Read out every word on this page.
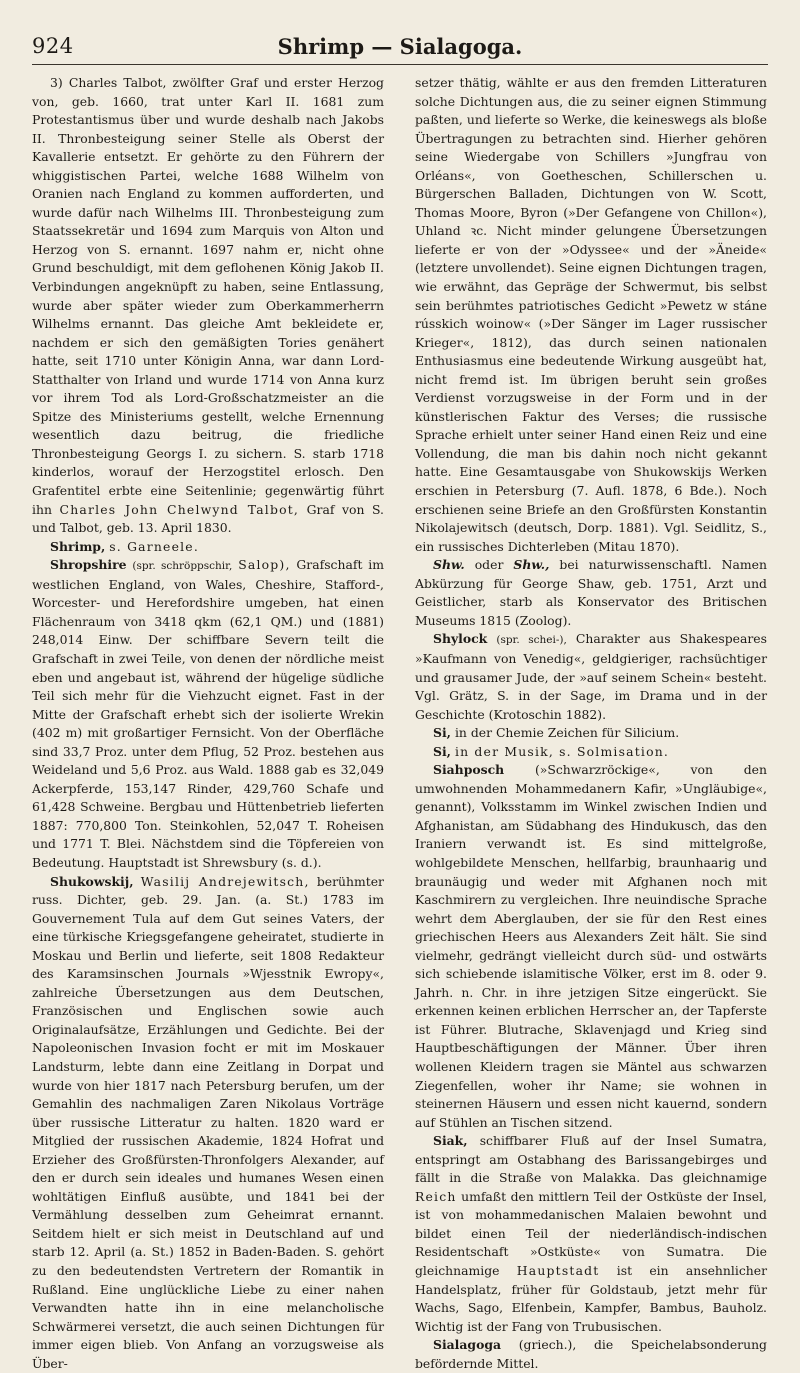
924	Shrimp — Sialagoga.

3) Charles Talbot, zwölfter Graf und erster Herzog von, geb. 1660, trat unter Karl II. 1681 zum Protestantismus über und wurde deshalb nach Jakobs II. Thronbesteigung seiner Stelle als Oberst der Kavallerie entsetzt. Er gehörte zu den Führern der whiggistischen Partei, welche 1688 Wilhelm von Oranien nach England zu kommen aufforderten, und wurde dafür nach Wilhelms III. Thronbesteigung zum Staatssekretär und 1694 zum Marquis von Alton und Herzog von S. ernannt. 1697 nahm er, nicht ohne Grund beschuldigt, mit dem geflohenen König Jakob II. Verbindungen angeknüpft zu haben, seine Entlassung, wurde aber später wieder zum Oberkammerherrn Wilhelms ernannt. Das gleiche Amt bekleidete er, nachdem er sich den gemäßigten Tories genähert hatte, seit 1710 unter Königin Anna, war dann Lord-Statthalter von Irland und wurde 1714 von Anna kurz vor ihrem Tod als Lord-Großschatzmeister an die Spitze des Ministeriums gestellt, welche Ernennung wesentlich dazu beitrug, die friedliche Thronbesteigung Georgs I. zu sichern. S. starb 1718 kinderlos, worauf der Herzogstitel erlosch. Den Grafentitel erbte eine Seitenlinie; gegenwärtig führt ihn Charles John Chelwynd Talbot, Graf von S. und Talbot, geb. 13. April 1830.

Shrimp, s. Garneele.

Shropshire (spr. schröppschir, Salop), Grafschaft im westlichen England, von Wales, Cheshire, Stafford-, Worcester- und Herefordshire umgeben, hat einen Flächenraum von 3418 qkm (62,1 QM.) und (1881) 248,014 Einw. Der schiffbare Severn teilt die Grafschaft in zwei Teile, von denen der nördliche meist eben und angebaut ist, während der hügelige südliche Teil sich mehr für die Viehzucht eignet. Fast in der Mitte der Grafschaft erhebt sich der isolierte Wrekin (402 m) mit großartiger Fernsicht. Von der Oberfläche sind 33,7 Proz. unter dem Pflug, 52 Proz. bestehen aus Weideland und 5,6 Proz. aus Wald. 1888 gab es 32,049 Ackerpferde, 153,147 Rinder, 429,760 Schafe und 61,428 Schweine. Bergbau und Hüttenbetrieb lieferten 1887: 770,800 Ton. Steinkohlen, 52,047 T. Roheisen und 1771 T. Blei. Nächstdem sind die Töpfereien von Bedeutung. Hauptstadt ist Shrewsbury (s. d.).

Shukowskij, Wasilij Andrejewitsch, berühmter russ. Dichter, geb. 29. Jan. (a. St.) 1783 im Gouvernement Tula auf dem Gut seines Vaters, der eine türkische Kriegsgefangene geheiratet, studierte in Moskau und Berlin und lieferte, seit 1808 Redakteur des Karamsinschen Journals »Wjesstnik Ewropy«, zahlreiche Übersetzungen aus dem Deutschen, Französischen und Englischen sowie auch Originalaufsätze, Erzählungen und Gedichte. Bei der Napoleonischen Invasion focht er mit im Moskauer Landsturm, lebte dann eine Zeitlang in Dorpat und wurde von hier 1817 nach Petersburg berufen, um der Gemahlin des nachmaligen Zaren Nikolaus Vorträge über russische Litteratur zu halten. 1820 ward er Mitglied der russischen Akademie, 1824 Hofrat und Erzieher des Großfürsten-Thronfolgers Alexander, auf den er durch sein ideales und humanes Wesen einen wohltätigen Einfluß ausübte, und 1841 bei der Vermählung desselben zum Geheimrat ernannt. Seitdem hielt er sich meist in Deutschland auf und starb 12. April (a. St.) 1852 in Baden-Baden. S. gehört zu den bedeutendsten Vertretern der Romantik in Rußland. Eine unglückliche Liebe zu einer nahen Verwandten hatte ihn in eine melancholische Schwärmerei versetzt, die auch seinen Dichtungen für immer eigen blieb. Von Anfang an vorzugsweise als Über-

setzer thätig, wählte er aus den fremden Litteraturen solche Dichtungen aus, die zu seiner eignen Stimmung paßten, und lieferte so Werke, die keineswegs als bloße Übertragungen zu betrachten sind. Hierher gehören seine Wiedergabe von Schillers »Jungfrau von Orléans«, von Goetheschen, Schillerschen u. Bürgerschen Balladen, Dichtungen von W. Scott, Thomas Moore, Byron (»Der Gefangene von Chillon«), Uhland ꝛc. Nicht minder gelungene Übersetzungen lieferte er von der »Odyssee« und der »Äneide« (letztere unvollendet). Seine eignen Dichtungen tragen, wie erwähnt, das Gepräge der Schwermut, bis selbst sein berühmtes patriotisches Gedicht »Pewetz w stáne rússkich woinow« (»Der Sänger im Lager russischer Krieger«, 1812), das durch seinen nationalen Enthusiasmus eine bedeutende Wirkung ausgeübt hat, nicht fremd ist. Im übrigen beruht sein großes Verdienst vorzugsweise in der Form und in der künstlerischen Faktur des Verses; die russische Sprache erhielt unter seiner Hand einen Reiz und eine Vollendung, die man bis dahin noch nicht gekannt hatte. Eine Gesamtausgabe von Shukowskijs Werken erschien in Petersburg (7. Aufl. 1878, 6 Bde.). Noch erschienen seine Briefe an den Großfürsten Konstantin Nikolajewitsch (deutsch, Dorp. 1881). Vgl. Seidlitz, S., ein russisches Dichterleben (Mitau 1870).

Shw. oder Shw., bei naturwissenschaftl. Namen Abkürzung für George Shaw, geb. 1751, Arzt und Geistlicher, starb als Konservator des Britischen Museums 1815 (Zoolog).

Shylock (spr. schei-), Charakter aus Shakespeares »Kaufmann von Venedig«, geldgieriger, rachsüchtiger und grausamer Jude, der »auf seinem Schein« besteht. Vgl. Grätz, S. in der Sage, im Drama und in der Geschichte (Krotoschin 1882).

Si, in der Chemie Zeichen für Silicium.

Si, in der Musik, s. Solmisation.

Siahposch (»Schwarzröckige«, von den umwohnenden Mohammedanern Kafir, »Ungläubige«, genannt), Volksstamm im Winkel zwischen Indien und Afghanistan, am Südabhang des Hindukusch, das den Iraniern verwandt ist. Es sind mittelgroße, wohlgebildete Menschen, hellfarbig, braunhaarig und braunäugig und weder mit Afghanen noch mit Kaschmirern zu vergleichen. Ihre neuindische Sprache wehrt dem Aberglauben, der sie für den Rest eines griechischen Heers aus Alexanders Zeit hält. Sie sind vielmehr, gedrängt vielleicht durch süd- und ostwärts sich schiebende islamitische Völker, erst im 8. oder 9. Jahrh. n. Chr. in ihre jetzigen Sitze eingerückt. Sie erkennen keinen erblichen Herrscher an, der Tapferste ist Führer. Blutrache, Sklavenjagd und Krieg sind Hauptbeschäftigungen der Männer. Über ihren wollenen Kleidern tragen sie Mäntel aus schwarzen Ziegenfellen, woher ihr Name; sie wohnen in steinernen Häusern und essen nicht kauernd, sondern auf Stühlen an Tischen sitzend.

Siak, schiffbarer Fluß auf der Insel Sumatra, entspringt am Ostabhang des Barissangebirges und fällt in die Straße von Malakka. Das gleichnamige Reich umfaßt den mittlern Teil der Ostküste der Insel, ist von mohammedanischen Malaien bewohnt und bildet einen Teil der niederländisch-indischen Residentschaft »Ostküste« von Sumatra. Die gleichnamige Hauptstadt ist ein ansehnlicher Handelsplatz, früher für Goldstaub, jetzt mehr für Wachs, Sago, Elfenbein, Kampfer, Bambus, Bauholz. Wichtig ist der Fang von Trubusischen.

Sialagoga (griech.), die Speichelabsonderung befördernde Mittel.
